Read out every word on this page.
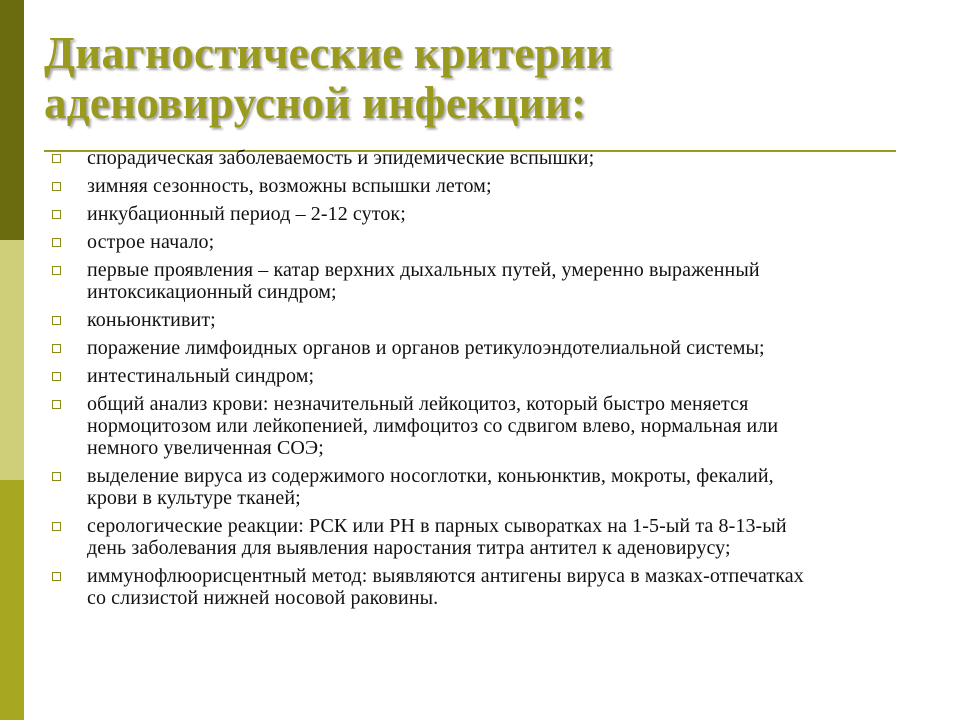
Диагностические критерии
аденовирусной инфекции:
спорадическая заболеваемость и эпидемические вспышки;
зимняя сезонность, возможны вспышки летом;
инкубационный период – 2-12 суток;
острое начало;
первые проявления – катар верхних дыхальных путей, умеренно выраженный
интоксикационный синдром;
коньюнктивит;
поражение лимфоидных органов и органов ретикулоэндотелиальной системы;
интестинальный синдром;
общий анализ крови: незначительный лейкоцитоз, который быстро меняется
нормоцитозом или лейкопенией, лимфоцитоз со сдвигом влево, нормальная или
немного увеличенная СОЭ;
выделение вируса из содержимого носоглотки, коньюнктив, мокроты, фекалий,
крови в культуре тканей;
серологические реакции: РСК или РН в парных сыворатках на 1-5-ый та 8-13-ый
день заболевания для выявления наростания титра антител к аденовирусу;
иммунофлюорисцентный метод: выявляются антигены вируса в мазках-отпечатках
со слизистой нижней носовой раковины.
